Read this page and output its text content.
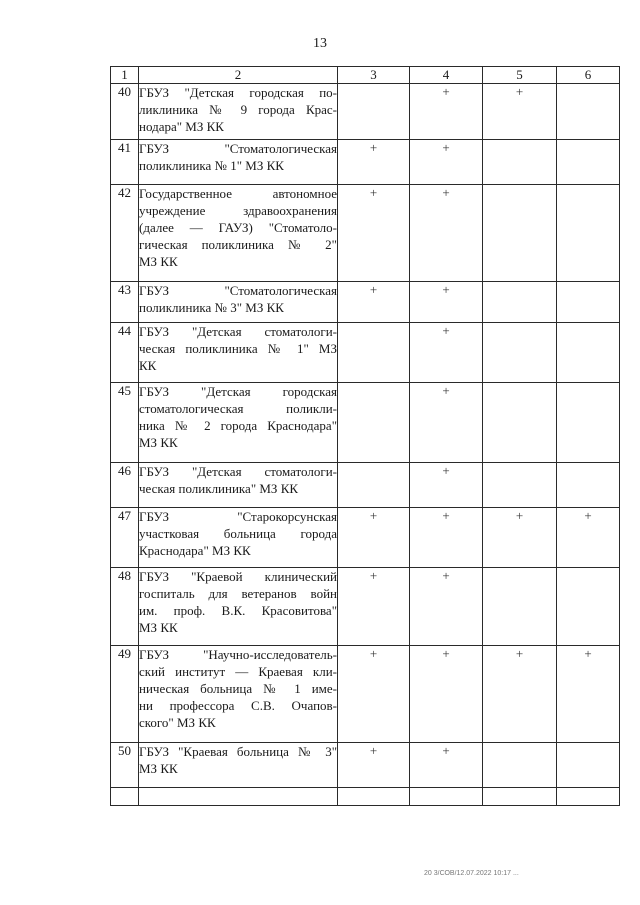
13
1	2	3	4	5	6
40	ГБУЗ "Детская городская по-
ликлиника № 9 города Крас-
нодара" МЗ КК		+	+	
41	ГБУЗ "Стоматологическая
поликлиника № 1" МЗ КК	+	+		
42	Государственное автономное
учреждение здравоохранения
(далее — ГАУЗ) "Стоматоло-
гическая поликлиника № 2"
МЗ КК	+	+		
43	ГБУЗ "Стоматологическая
поликлиника № 3" МЗ КК	+	+		
44	ГБУЗ "Детская стоматологи-
ческая поликлиника № 1" МЗ
КК		+		
45	ГБУЗ "Детская городская
стоматологическая поликли-
ника № 2 города Краснодара"
МЗ КК		+		
46	ГБУЗ "Детская стоматологи-
ческая поликлиника" МЗ КК		+		
47	ГБУЗ "Старокорсунская
участковая больница города
Краснодара" МЗ КК	+	+	+	+
48	ГБУЗ "Краевой клинический
госпиталь для ветеранов войн
им. проф. В.К. Красовитова"
МЗ КК	+	+		
49	ГБУЗ "Научно-исследователь-
ский институт — Краевая кли-
ническая больница № 1 име-
ни профессора С.В. Очапов-
ского" МЗ КК	+	+	+	+
50	ГБУЗ "Краевая больница № 3"
МЗ КК	+	+		

20 3/СОВ/12.07.2022 10:17 ...
